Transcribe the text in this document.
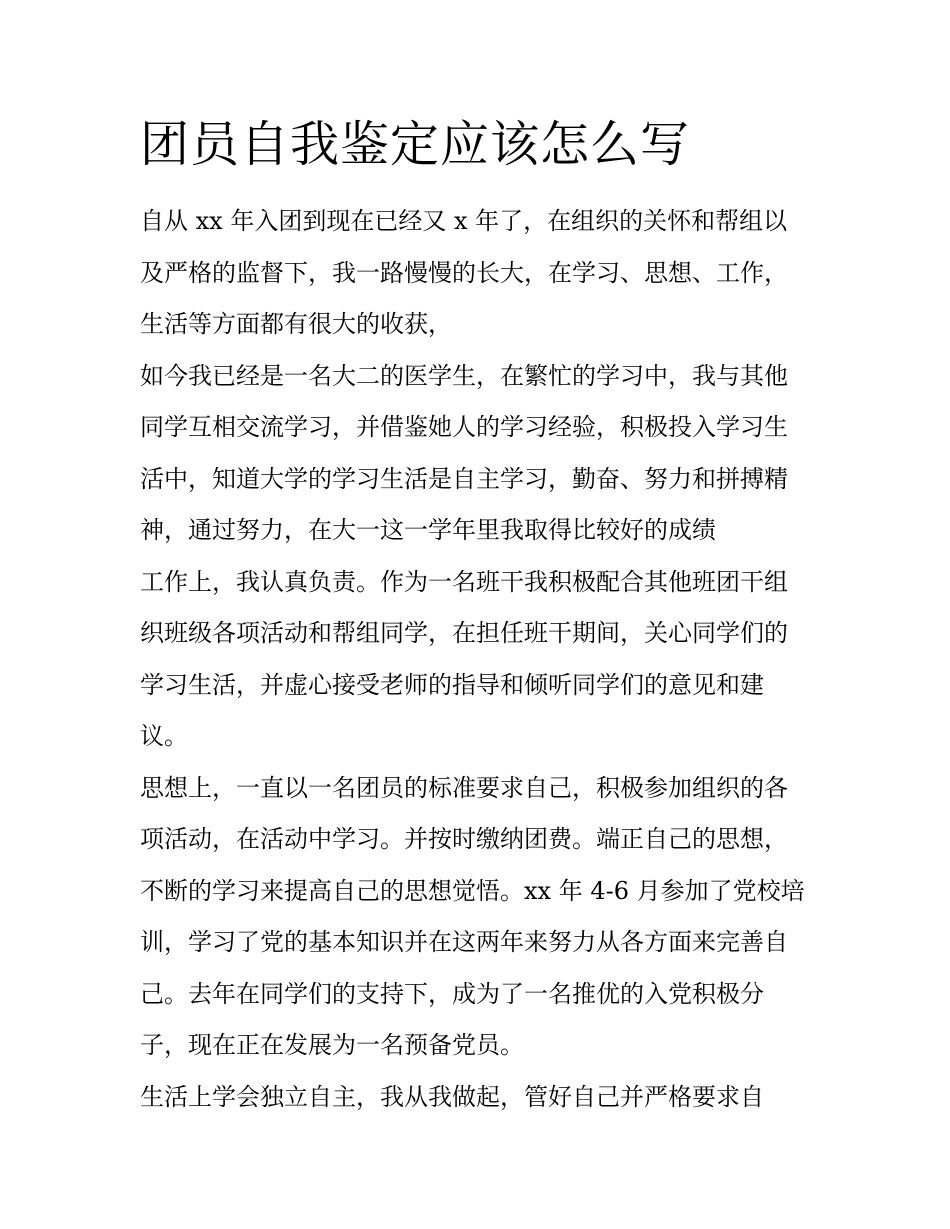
团员自我鉴定应该怎么写
自从 xx 年入团到现在已经又 x 年了，在组织的关怀和帮组以
及严格的监督下，我一路慢慢的长大，在学习、思想、工作，
生活等方面都有很大的收获，
如今我已经是一名大二的医学生，在繁忙的学习中，我与其他
同学互相交流学习，并借鉴她人的学习经验，积极投入学习生
活中，知道大学的学习生活是自主学习，勤奋、努力和拼搏精
神，通过努力，在大一这一学年里我取得比较好的成绩
工作上，我认真负责。作为一名班干我积极配合其他班团干组
织班级各项活动和帮组同学，在担任班干期间，关心同学们的
学习生活，并虚心接受老师的指导和倾听同学们的意见和建
议。
思想上，一直以一名团员的标准要求自己，积极参加组织的各
项活动，在活动中学习。并按时缴纳团费。端正自己的思想，
不断的学习来提高自己的思想觉悟。xx 年 4-6 月参加了党校培
训，学习了党的基本知识并在这两年来努力从各方面来完善自
己。去年在同学们的支持下，成为了一名推优的入党积极分
子，现在正在发展为一名预备党员。
生活上学会独立自主，我从我做起，管好自己并严格要求自
